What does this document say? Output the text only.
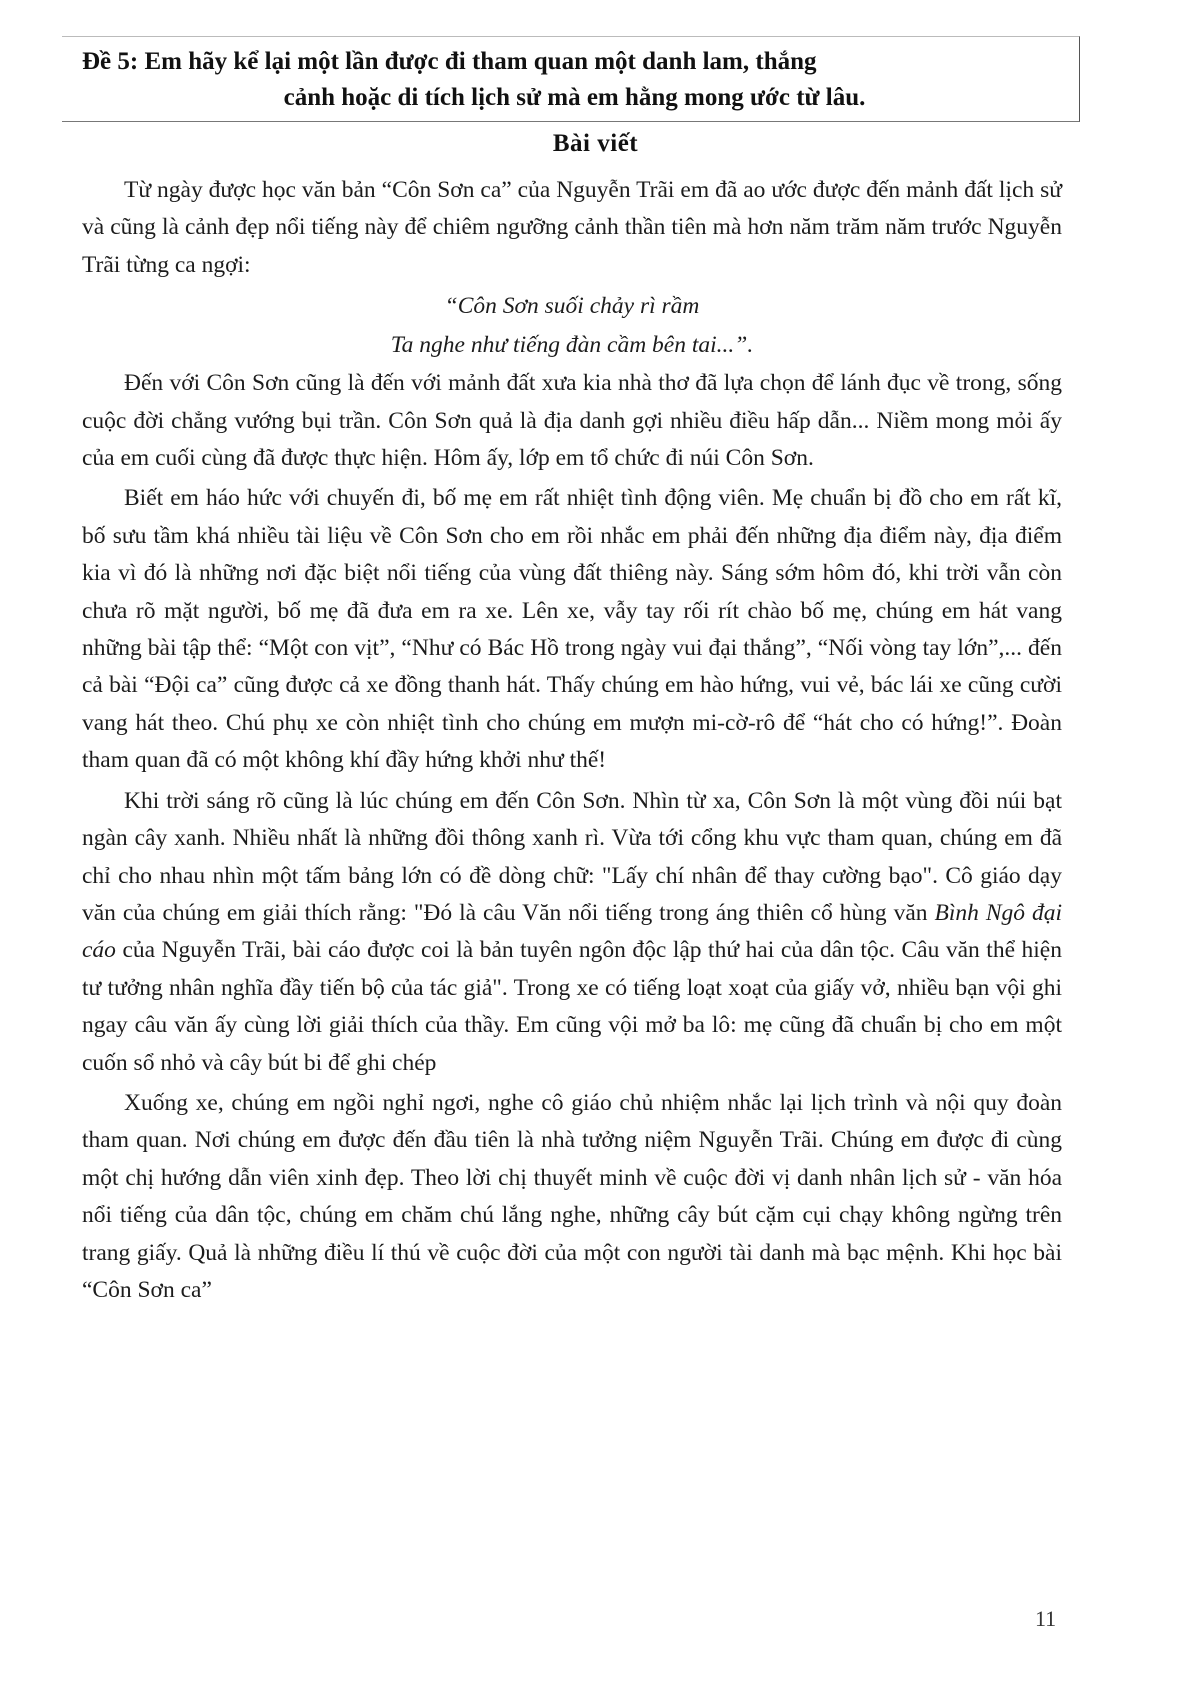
Đề 5: Em hãy kể lại một lần được đi tham quan một danh lam, thắng
cảnh hoặc di tích lịch sử mà em hằng mong ước từ lâu.
Bài viết

Từ ngày được học văn bản “Côn Sơn ca” của Nguyễn Trãi em đã ao ước được đến mảnh đất lịch sử và cũng là cảnh đẹp nổi tiếng này để chiêm ngưỡng cảnh thần tiên mà hơn năm trăm năm trước Nguyễn Trãi từng ca ngợi:

“Côn Sơn suối chảy rì rầm
Ta nghe như tiếng đàn cầm bên tai...”.

Đến với Côn Sơn cũng là đến với mảnh đất xưa kia nhà thơ đã lựa chọn để lánh đục về trong, sống cuộc đời chẳng vướng bụi trần. Côn Sơn quả là địa danh gợi nhiều điều hấp dẫn... Niềm mong mỏi ấy của em cuối cùng đã được thực hiện. Hôm ấy, lớp em tổ chức đi núi Côn Sơn.

Biết em háo hức với chuyến đi, bố mẹ em rất nhiệt tình động viên. Mẹ chuẩn bị đồ cho em rất kĩ, bố sưu tầm khá nhiều tài liệu về Côn Sơn cho em rồi nhắc em phải đến những địa điểm này, địa điểm kia vì đó là những nơi đặc biệt nổi tiếng của vùng đất thiêng này. Sáng sớm hôm đó, khi trời vẫn còn chưa rõ mặt người, bố mẹ đã đưa em ra xe. Lên xe, vẫy tay rối rít chào bố mẹ, chúng em hát vang những bài tập thể: “Một con vịt”, “Như có Bác Hồ trong ngày vui đại thắng”, “Nối vòng tay lớn”,... đến cả bài “Đội ca” cũng được cả xe đồng thanh hát. Thấy chúng em hào hứng, vui vẻ, bác lái xe cũng cười vang hát theo. Chú phụ xe còn nhiệt tình cho chúng em mượn mi-cờ-rô để “hát cho có hứng!”. Đoàn tham quan đã có một không khí đầy hứng khởi như thế!

Khi trời sáng rõ cũng là lúc chúng em đến Côn Sơn. Nhìn từ xa, Côn Sơn là một vùng đồi núi bạt ngàn cây xanh. Nhiều nhất là những đồi thông xanh rì. Vừa tới cổng khu vực tham quan, chúng em đã chỉ cho nhau nhìn một tấm bảng lớn có đề dòng chữ: "Lấy chí nhân để thay cường bạo". Cô giáo dạy văn của chúng em giải thích rằng: "Đó là câu Văn nổi tiếng trong áng thiên cổ hùng văn Bình Ngô đại cáo của Nguyễn Trãi, bài cáo được coi là bản tuyên ngôn độc lập thứ hai của dân tộc. Câu văn thể hiện tư tưởng nhân nghĩa đầy tiến bộ của tác giả". Trong xe có tiếng loạt xoạt của giấy vở, nhiều bạn vội ghi ngay câu văn ấy cùng lời giải thích của thầy. Em cũng vội mở ba lô: mẹ cũng đã chuẩn bị cho em một cuốn sổ nhỏ và cây bút bi để ghi chép

Xuống xe, chúng em ngồi nghỉ ngơi, nghe cô giáo chủ nhiệm nhắc lại lịch trình và nội quy đoàn tham quan. Nơi chúng em được đến đầu tiên là nhà tưởng niệm Nguyễn Trãi. Chúng em được đi cùng một chị hướng dẫn viên xinh đẹp. Theo lời chị thuyết minh về cuộc đời vị danh nhân lịch sử - văn hóa nổi tiếng của dân tộc, chúng em chăm chú lắng nghe, những cây bút cặm cụi chạy không ngừng trên trang giấy. Quả là những điều lí thú về cuộc đời của một con người tài danh mà bạc mệnh. Khi học bài “Côn Sơn ca”

11
